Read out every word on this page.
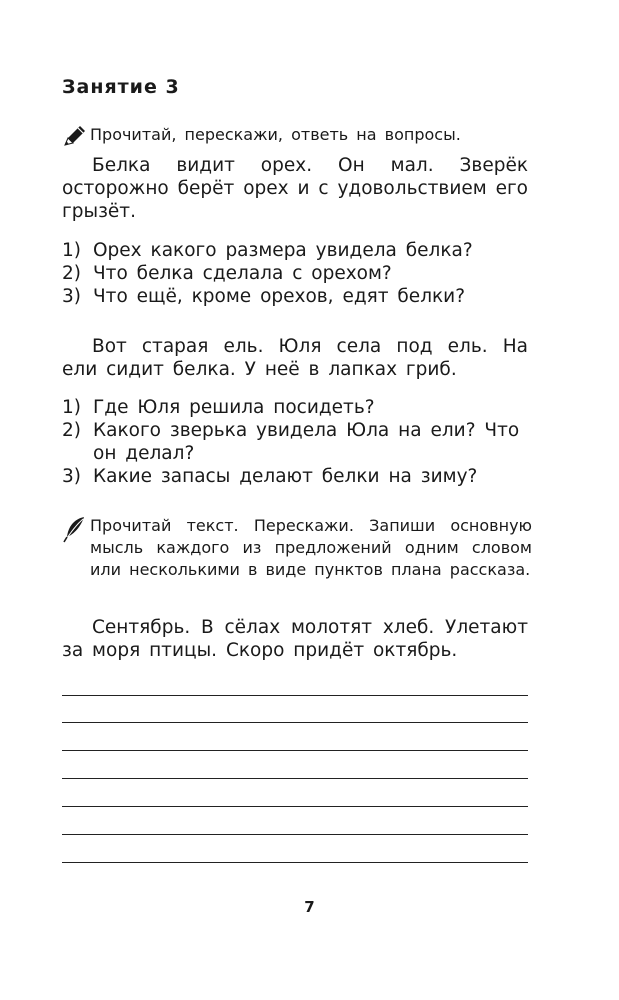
Занятие 3
Прочитай, перескажи, ответь на вопросы.

Белка видит орех. Он мал. Зверёк осторожно берёт орех и с удовольствием его грызёт.

1) Орех какого размера увидела белка?
2) Что белка сделала с орехом?
3) Что ещё, кроме орехов, едят белки?

Вот старая ель. Юля села под ель. На ели сидит белка. У неё в лапках гриб.

1) Где Юля решила посидеть?
2) Какого зверька увидела Юла на ели? Что он делал?
3) Какие запасы делают белки на зиму?
Прочитай текст. Перескажи. Запиши основную мысль каждого из предложений одним словом или несколькими в виде пунктов плана рассказа.

Сентябрь. В сёлах молотят хлеб. Улетают за моря птицы. Скоро придёт октябрь.

7
